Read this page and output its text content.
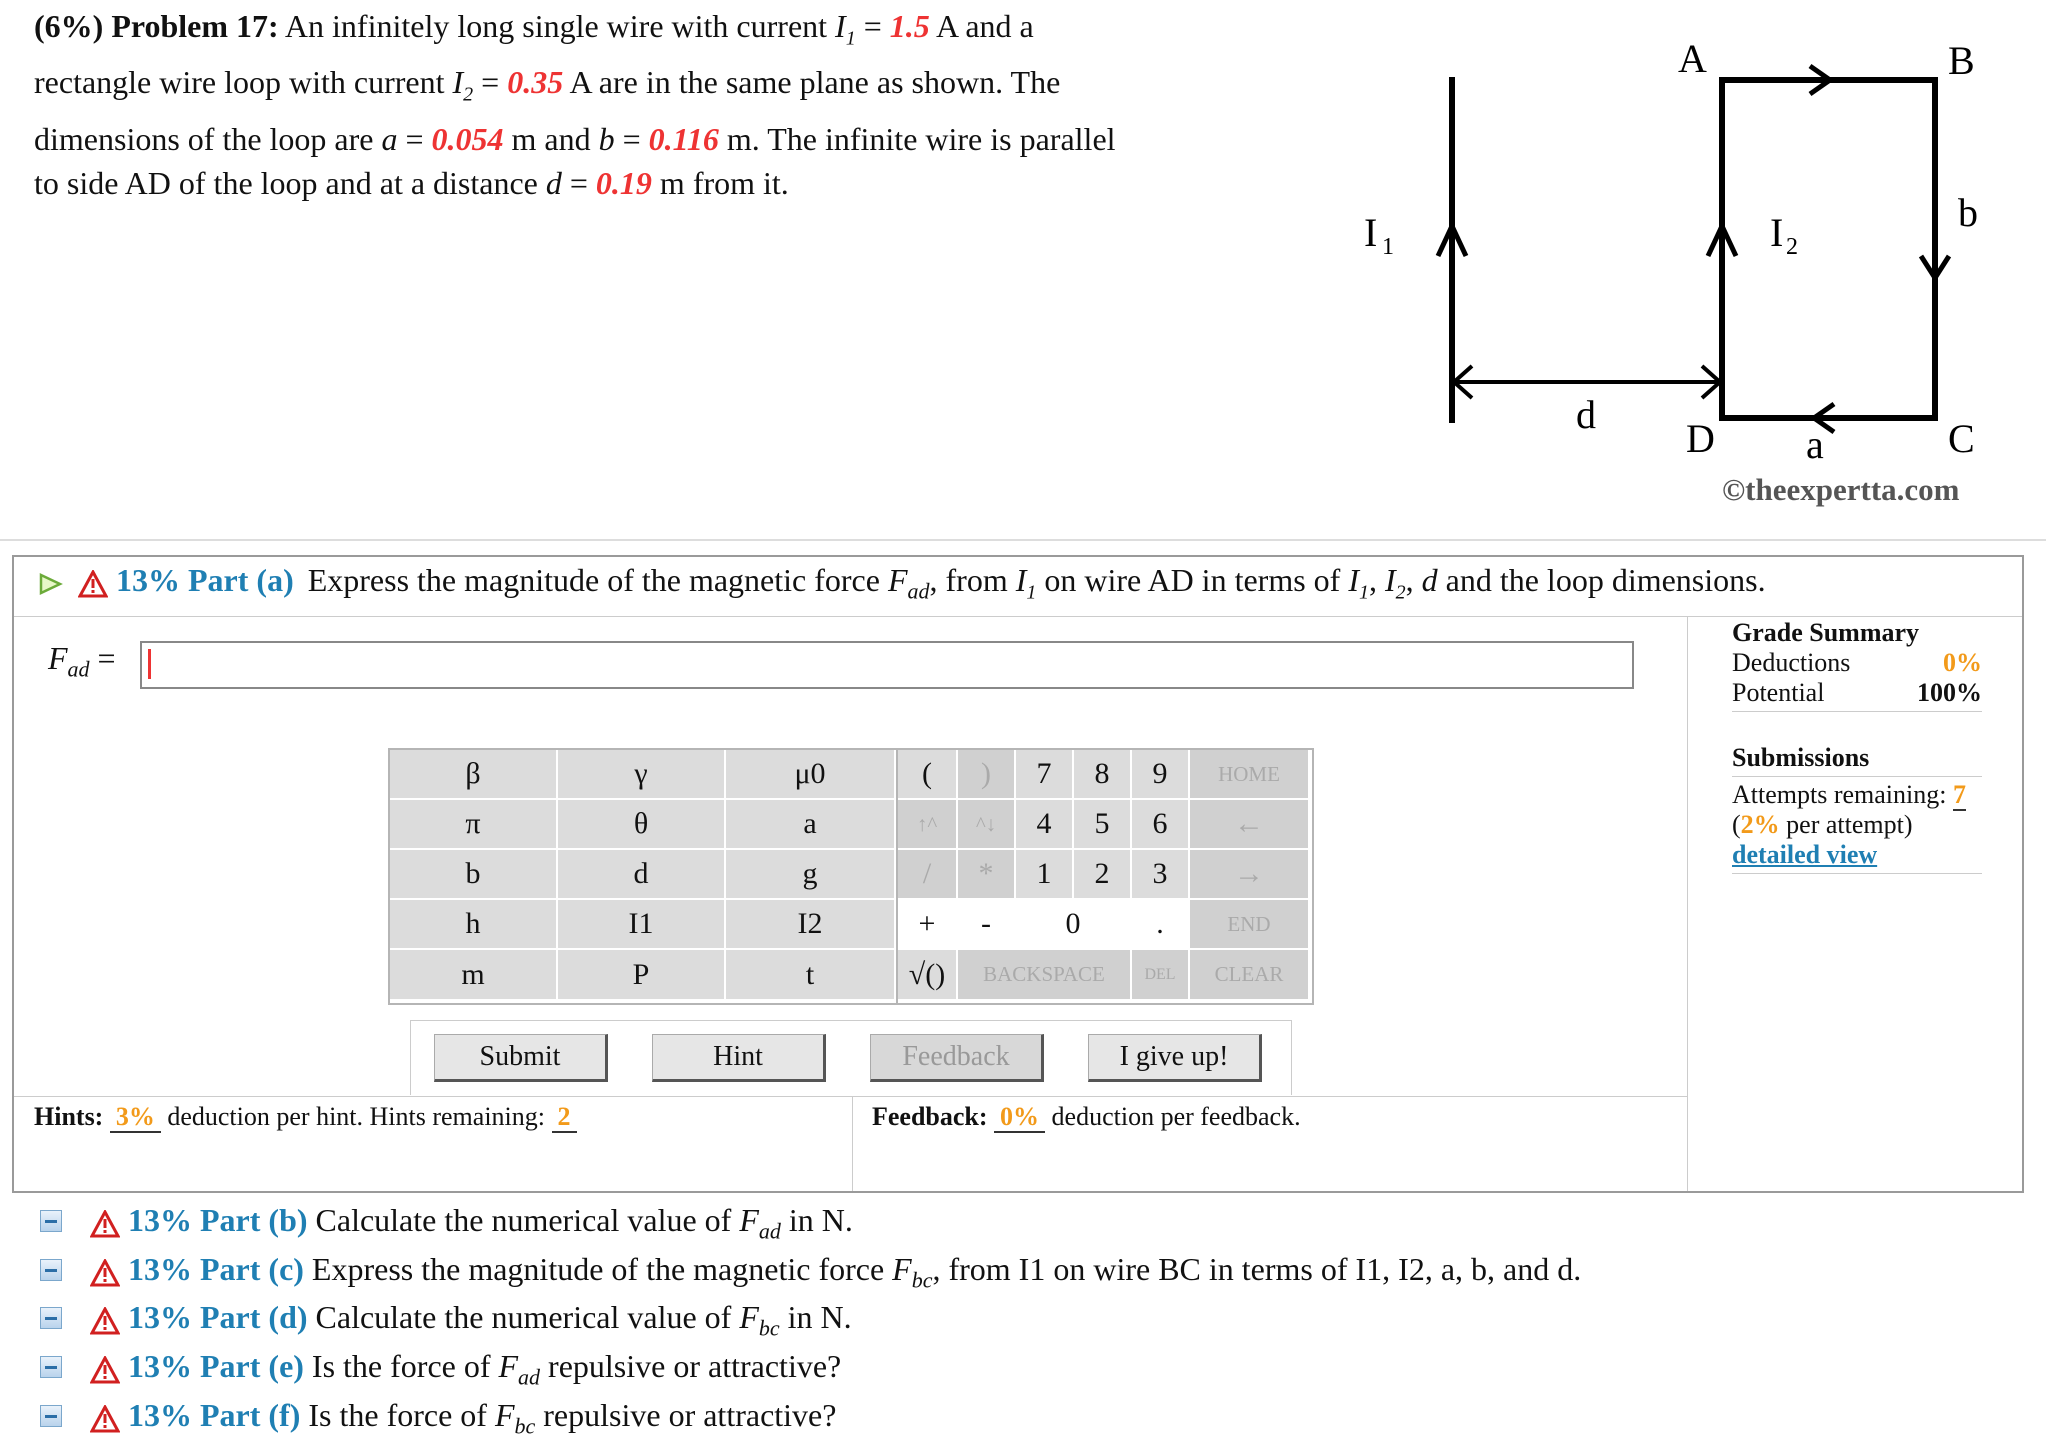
(6%) Problem 17: An infinitely long single wire with current $I_1 = 1.5$ A and a
rectangle wire loop with current $I_2 = 0.35$ A are in the same plane as shown. The
dimensions of the loop are a = 0.054 m and b = 0.116 m. The infinite wire is parallel
to side AD of the loop and at a distance d = 0.19 m from it.
A	B
C
D
b
a
d
I 1	I 2
©theexpertta.com
13% Part (a) Express the magnitude of the magnetic force $F_{ad}$, from $I_1$ on wire AD in terms of $I_1$, $I_2$, d and the loop dimensions.
$F_{ad}$ =
β	γ	μ0
π	θ	a
b	d	g
h	I1	I2
m	P	t
(	)	7	8	9	HOME
↑^	^↓	4	5	6	←
/	*	1	2	3	→
+	-	0	.	END
√()	BACKSPACE	DEL	CLEAR
Submit	Hint	Feedback	I give up!
Hints: 3% deduction per hint. Hints remaining: 2	Feedback: 0% deduction per feedback.
Grade Summary
Deductions	0%
Potential	100%
Submissions
Attempts remaining: 7
(2% per attempt)
detailed view
13% Part (b) Calculate the numerical value of $F_{ad}$ in N.
13% Part (c) Express the magnitude of the magnetic force $F_{bc}$, from I1 on wire BC in terms of I1, I2, a, b, and d.
13% Part (d) Calculate the numerical value of $F_{bc}$ in N.
13% Part (e) Is the force of $F_{ad}$ repulsive or attractive?
13% Part (f) Is the force of $F_{bc}$ repulsive or attractive?
